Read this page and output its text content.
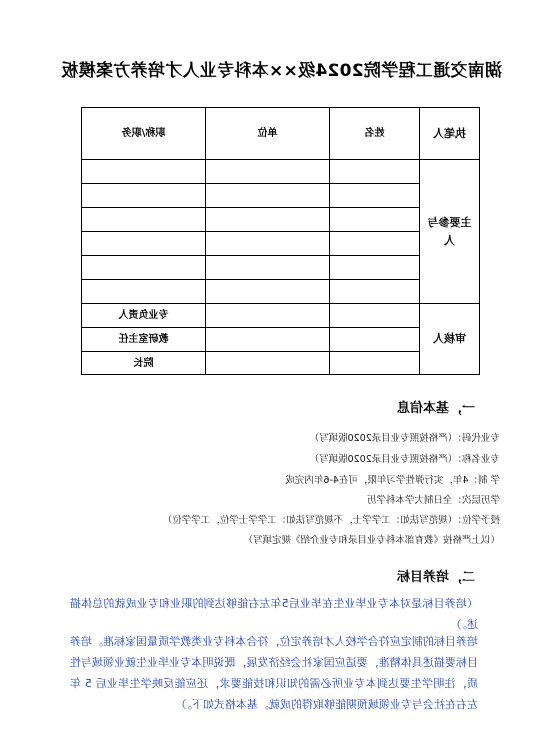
湖南交通工程学院2024级××本科专业人才培养方案模板
执笔人	姓名	单位	职称/职务
主要参与
人			

审核人			专业负责人
			教研室主任
			院长
一，基本信息
专业代码：（严格按照专业目录2020版填写）
专业名称：（严格按照专业目录2020版填写）
学 制：4年，实行弹性学习年限，可在4-6年内完成
学历层次：全日制大学本科学历
授予学位：（规范写法如：工学学士，不规范写法如：工学学士学位，工学学位）
（以上严格按《教育部本科专业目录和专业介绍》规定填写）
二，培养目标
（培养目标是对本专业毕业生在毕业后5年左右能够达到的职业和专业成就的总体描述。）
培养目标的制定应符合学校人才培养定位，符合本科专业类教学质量国家标准。培养目标要描述具体精准，要适应国家社会经济发展，既说明本专业毕业生就业领域与性质，注明学生要达到本专业所必需的知识和技能要求，还应能反映学生毕业后 5 年左右在社会与专业领域预期能够取得的成就。基本格式如下。）
